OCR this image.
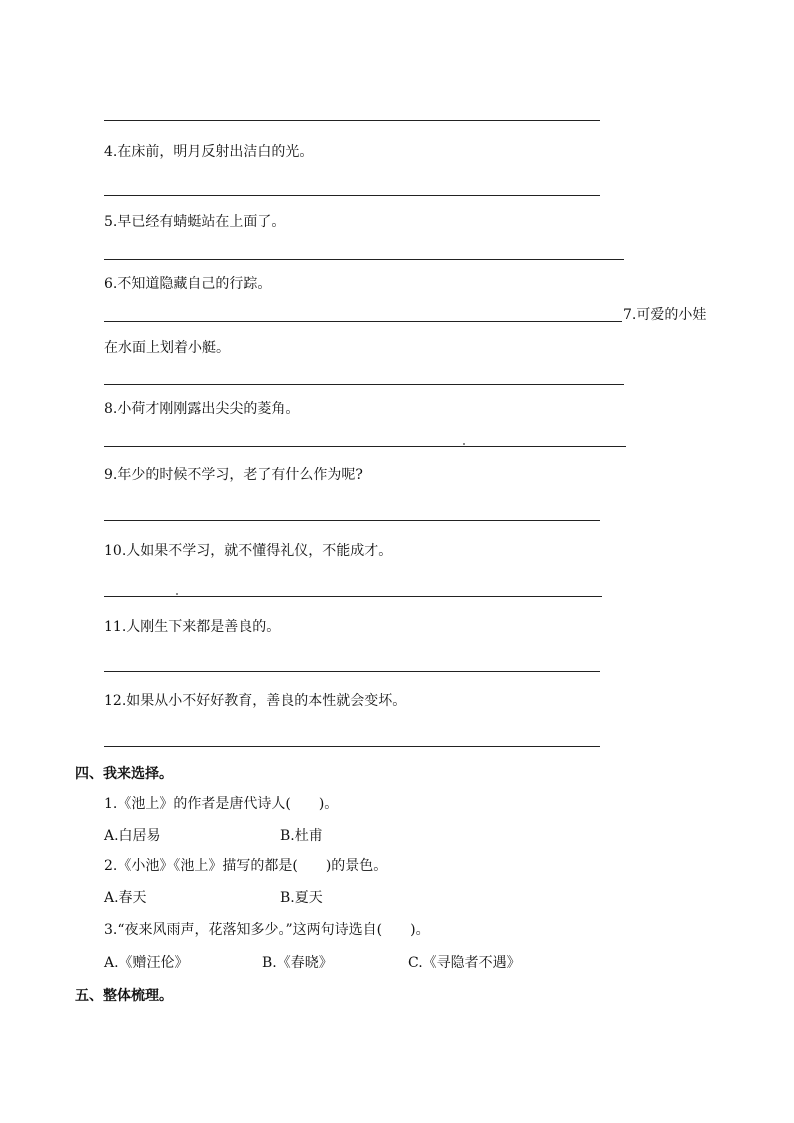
4.在床前，明月反射出洁白的光。
5.早已经有蜻蜓站在上面了。
6.不知道隐藏自己的行踪。
7.可爱的小娃
在水面上划着小艇。
8.小荷才刚刚露出尖尖的菱角。
9.年少的时候不学习，老了有什么作为呢?
10.人如果不学习，就不懂得礼仪，不能成才。
11.人刚生下来都是善良的。
12.如果从小不好好教育，善良的本性就会变坏。
四、我来选择。
1.《池上》的作者是唐代诗人(　　)。
A.白居易	B.杜甫
2.《小池》《池上》描写的都是(　　)的景色。
A.春天	B.夏天
3.“夜来风雨声，花落知多少。”这两句诗选自(　　)。
A.《赠汪伦》	B.《春晓》	C.《寻隐者不遇》
五、整体梳理。
